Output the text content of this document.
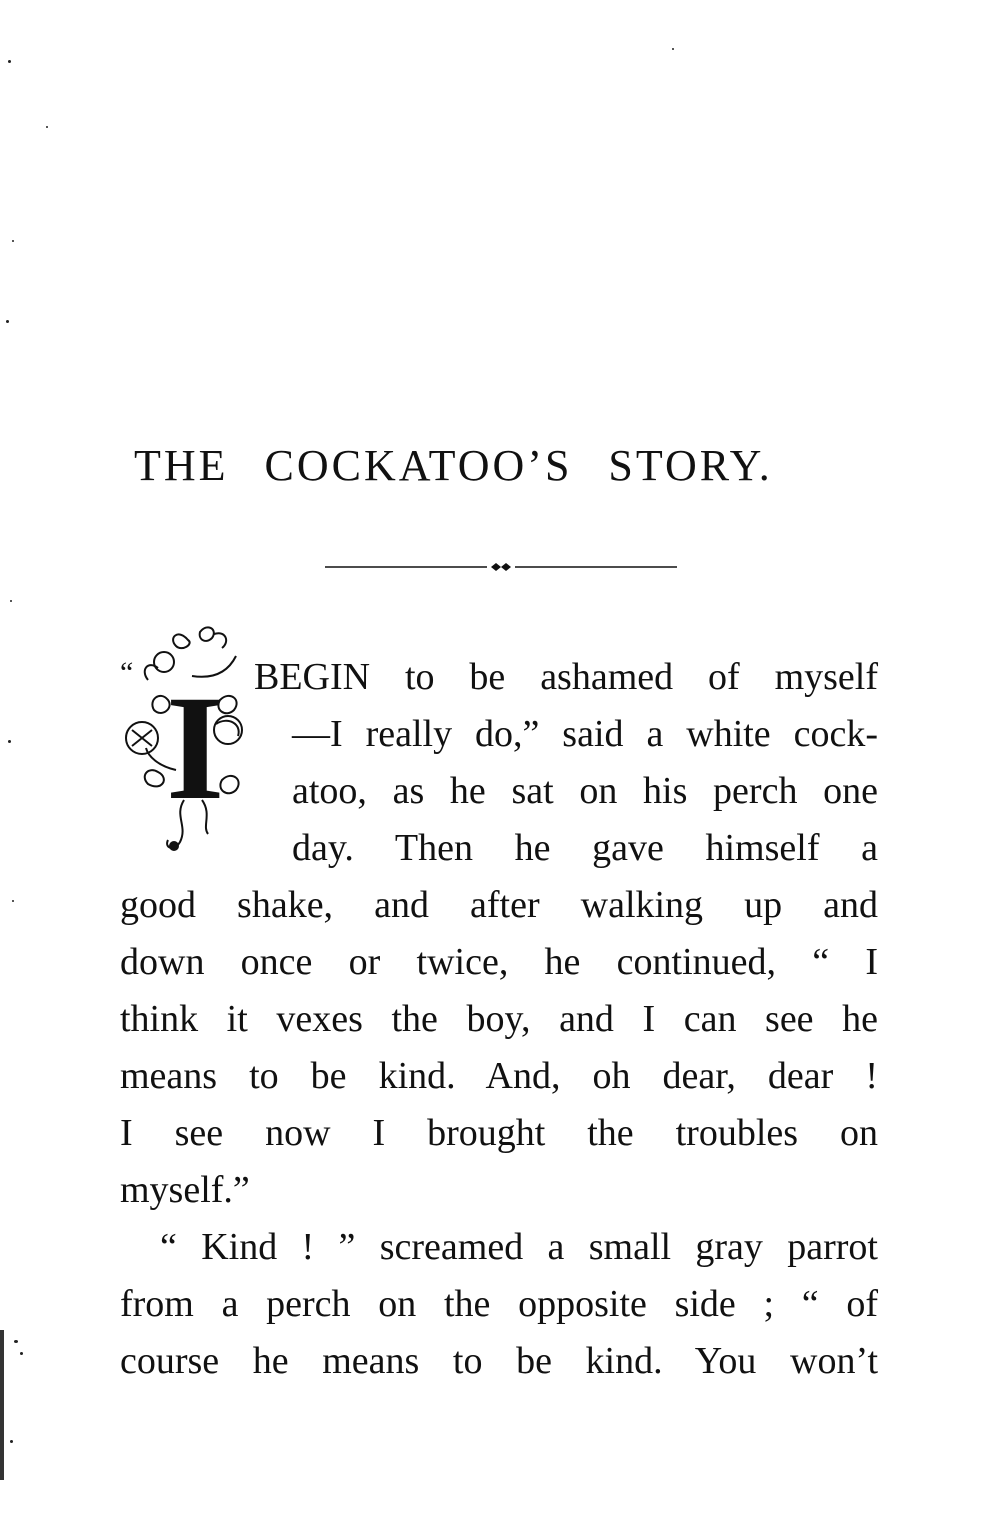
THE COCKATOO’S STORY.
“ I BEGIN to be ashamed of myself
—I really do,” said a white cock-
atoo, as he sat on his perch one
day. Then he gave himself a
good shake, and after walking up and
down once or twice, he continued, “ I
think it vexes the boy, and I can see he
means to be kind. And, oh dear, dear !
I see now I brought the troubles on
myself.”
“ Kind ! ” screamed a small gray parrot
from a perch on the opposite side ; “ of
course he means to be kind. You won’t
